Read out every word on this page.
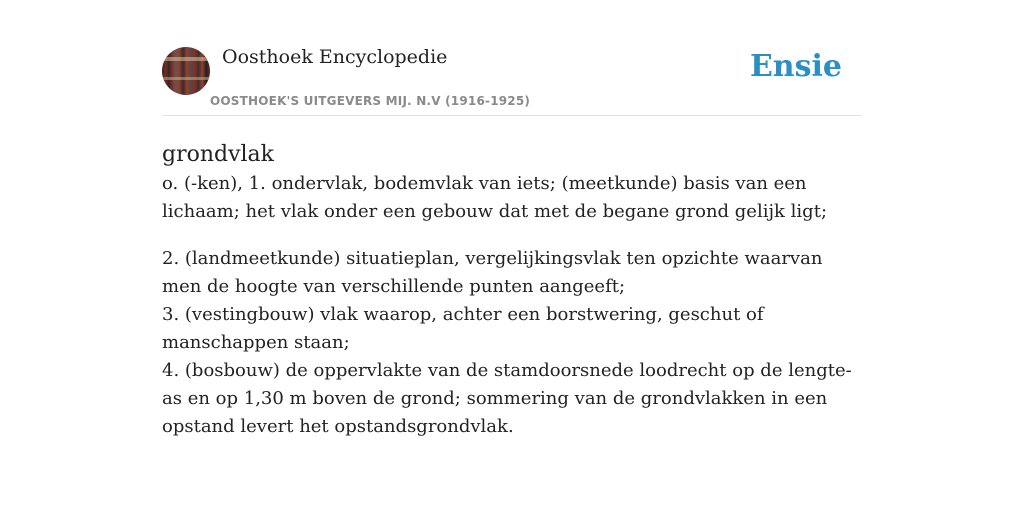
Oosthoek Encyclopedie
OOSTHOEK'S UITGEVERS MIJ. N.V (1916-1925)
Ensie
grondvlak

o. (-ken), 1. ondervlak, bodemvlak van iets; (meetkunde) basis van een lichaam; het vlak onder een gebouw dat met de begane grond gelijk ligt;

2. (landmeetkunde) situatieplan, vergelijkingsvlak ten opzichte waarvan men de hoogte van verschillende punten aangeeft;

3. (vestingbouw) vlak waarop, achter een borstwering, geschut of manschappen staan;

4. (bosbouw) de oppervlakte van de stamdoorsnede loodrecht op de lengte-as en op 1,30 m boven de grond; sommering van de grondvlakken in een opstand levert het opstandsgrondvlak.
